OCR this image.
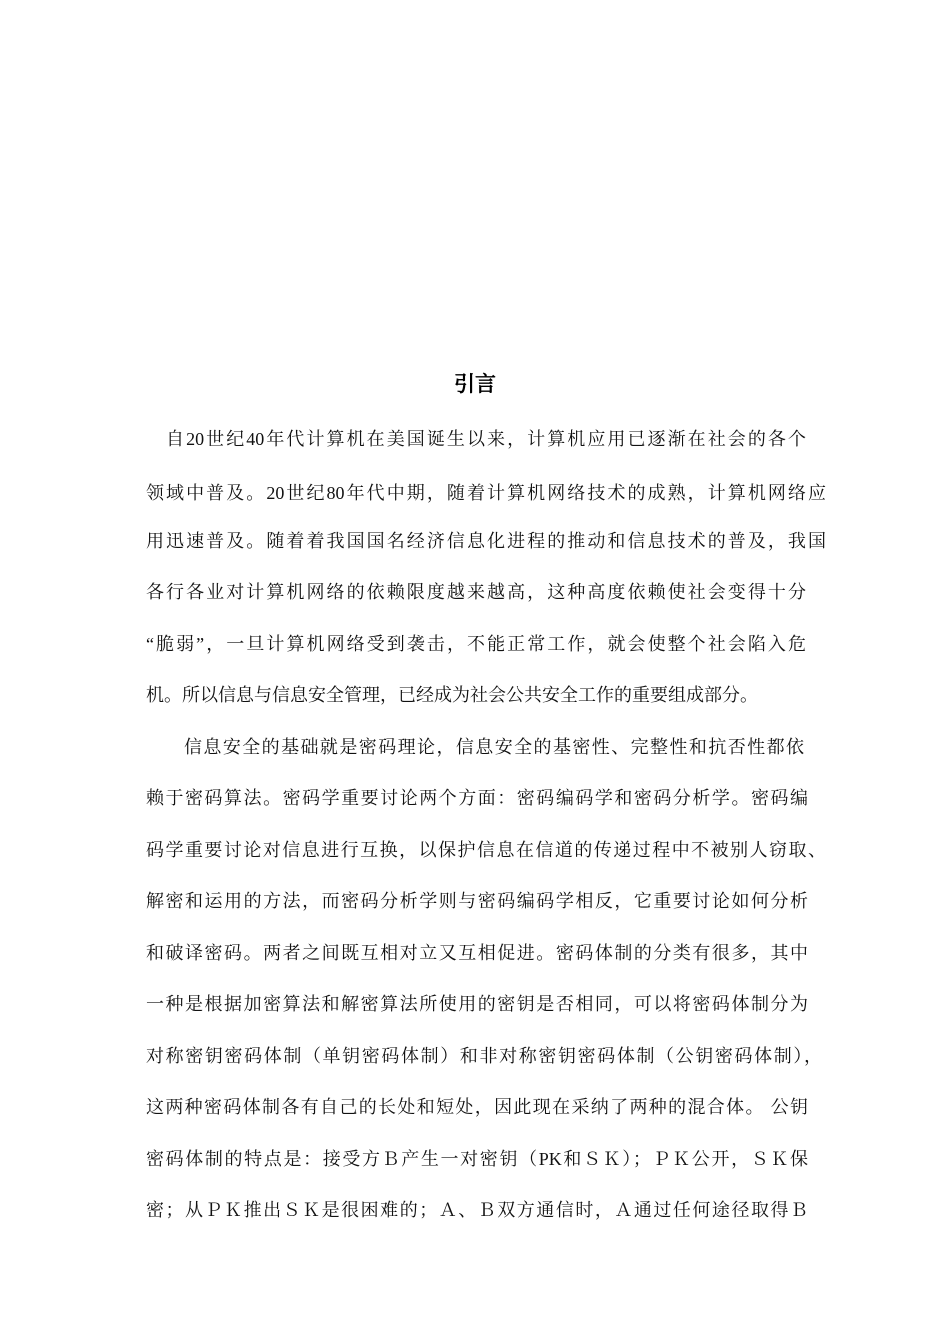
引言
自20世纪40年代计算机在美国诞生以来，计算机应用已逐渐在社会的各个
领域中普及。20世纪80年代中期，随着计算机网络技术的成熟，计算机网络应
用迅速普及。随着着我国国名经济信息化进程的推动和信息技术的普及，我国
各行各业对计算机网络的依赖限度越来越高，这种高度依赖使社会变得十分
“脆弱”，一旦计算机网络受到袭击，不能正常工作，就会使整个社会陷入危
机。所以信息与信息安全管理，已经成为社会公共安全工作的重要组成部分。
信息安全的基础就是密码理论，信息安全的基密性、完整性和抗否性都依
赖于密码算法。密码学重要讨论两个方面：密码编码学和密码分析学。密码编
码学重要讨论对信息进行互换，以保护信息在信道的传递过程中不被别人窃取、
解密和运用的方法，而密码分析学则与密码编码学相反，它重要讨论如何分析
和破译密码。两者之间既互相对立又互相促进。密码体制的分类有很多，其中
一种是根据加密算法和解密算法所使用的密钥是否相同，可以将密码体制分为
对称密钥密码体制（单钥密码体制）和非对称密钥密码体制（公钥密码体制），
这两种密码体制各有自己的长处和短处，因此现在采纳了两种的混合体。 公钥
密码体制的特点是：接受方Ｂ产生一对密钥（PK和ＳＫ）；ＰＫ公开，ＳＫ保
密；从ＰＫ推出ＳＫ是很困难的；Ａ、Ｂ双方通信时，Ａ通过任何途径取得Ｂ
